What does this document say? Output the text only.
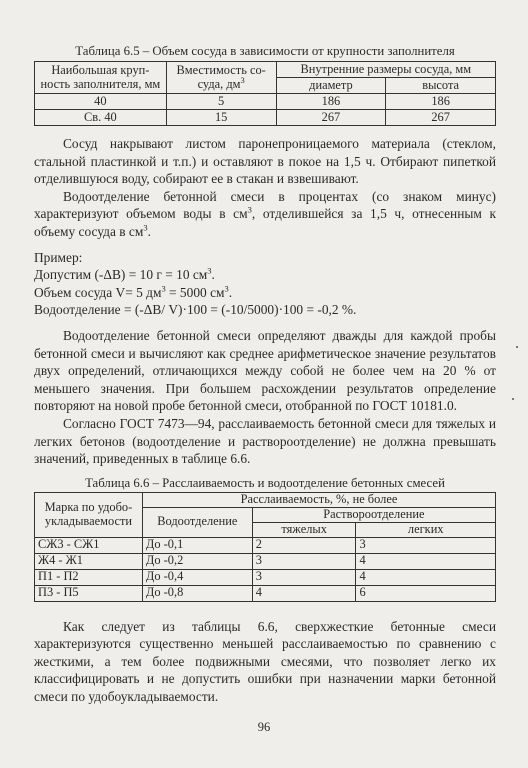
Таблица 6.5 – Объем сосуда в зависимости от крупности заполнителя
Наибольшая круп-ность заполнителя, мм	Вместимость со-суда, $дм^3$	Внутренние размеры сосуда, мм	
		диаметр	высота
40	5	186	186
Св. 40	15	267	267

Сосуд накрывают листом паронепроницаемого материала (стеклом, стальной пластинкой и т.п.) и оставляют в покое на 1,5 ч. Отбирают пипеткой отделившуюся воду, собирают ее в стакан и взвешивают.

Водоотделение бетонной смеси в процентах (со знаком минус) характеризуют объемом воды в $см^3$, отделившейся за 1,5 ч, отнесенным к объему сосуда в $см^3$.

Пример:

Допустим (-ΔВ) = 10 г = 10 $см^3$.

Объем сосуда V= 5 $дм^3 = 5000$ $см^3$.

Водоотделение = (-ΔВ/ V)·100 = (-10/5000)·100 = -0,2 %.

Водоотделение бетонной смеси определяют дважды для каждой пробы бетонной смеси и вычисляют как среднее арифметическое значение результатов двух определений, отличающихся между собой не более чем на 20 % от меньшего значения. При большем расхождении результатов определение повторяют на новой пробе бетонной смеси, отобранной по ГОСТ 10181.0.

Согласно ГОСТ 7473—94, расслаиваемость бетонной смеси для тяжелых и легких бетонов (водоотделение и раствороотделение) не должна превышать значений, приведенных в таблице 6.6.

Таблица 6.6 – Расслаиваемость и водоотделение бетонных смесей
Марка по удобо-укладываемости	Расслаиваемость, %, не более		
	Водоотделение	Раствороотделение	
		тяжелых	легких
СЖ3 - СЖ1	До -0,1	2	3
Ж4 - Ж1	До -0,2	3	4
П1 - П2	До -0,4	3	4
П3 - П5	До -0,8	4	6

Как следует из таблицы 6.6, сверхжесткие бетонные смеси характеризуются существенно меньшей расслаиваемостью по сравнению с жесткими, а тем более подвижными смесями, что позволяет легко их классифицировать и не допустить ошибки при назначении марки бетонной смеси по удобоукладываемости.

96
